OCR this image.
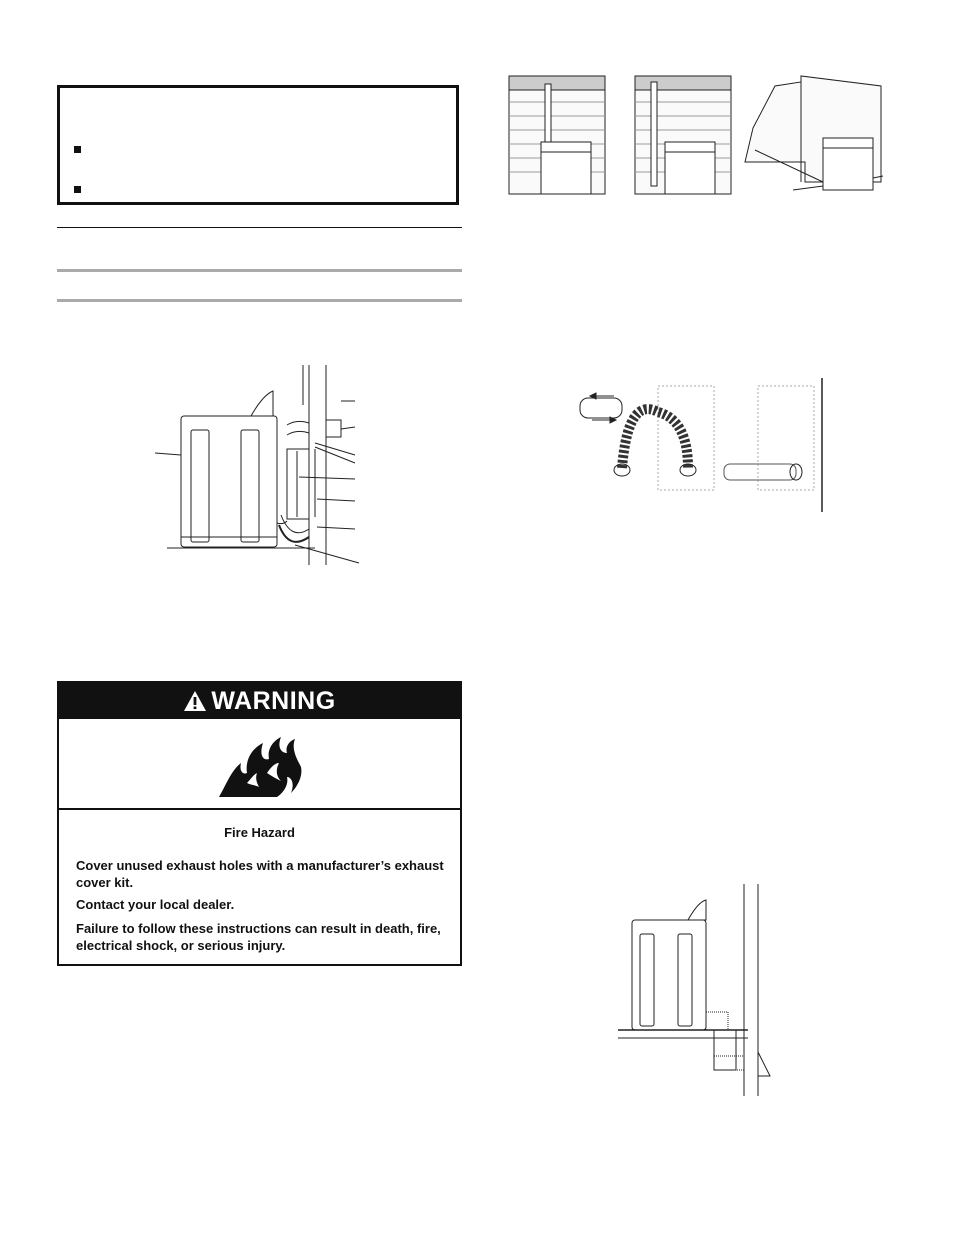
WARNING
Fire Hazard
Cover unused exhaust holes with a manufacturer’s exhaust cover kit.
Contact your local dealer.
Failure to follow these instructions can result in death, fire, electrical shock, or serious injury.
